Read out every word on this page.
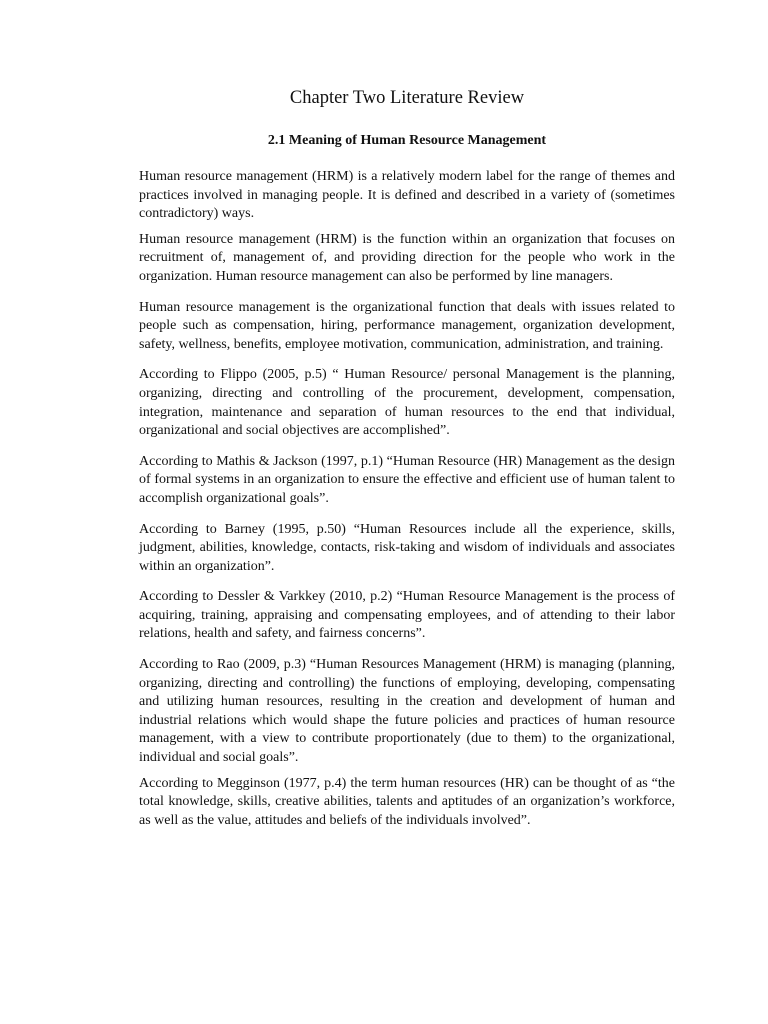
Chapter Two Literature Review
2.1 Meaning of Human Resource Management

Human resource management (HRM) is a relatively modern label for the range of themes and practices involved in managing people. It is defined and described in a variety of (sometimes contradictory) ways.

Human resource management (HRM) is the function within an organization that focuses on recruitment of, management of, and providing direction for the people who work in the organization. Human resource management can also be performed by line managers.

Human resource management is the organizational function that deals with issues related to people such as compensation, hiring, performance management, organization development, safety, wellness, benefits, employee motivation, communication, administration, and training.

According to Flippo (2005, p.5) “ Human Resource/ personal Management is the planning, organizing, directing and controlling of the procurement, development, compensation, integration, maintenance and separation of human resources to the end that individual, organizational and social objectives are accomplished”.

According to Mathis & Jackson (1997, p.1) “Human Resource (HR) Management as the design of formal systems in an organization to ensure the effective and efficient use of human talent to accomplish organizational goals”.

According to Barney (1995, p.50) “Human Resources include all the experience, skills, judgment, abilities, knowledge, contacts, risk-taking and wisdom of individuals and associates within an organization”.

According to Dessler & Varkkey (2010, p.2) “Human Resource Management is the process of acquiring, training, appraising and compensating employees, and of attending to their labor relations, health and safety, and fairness concerns”.

According to Rao (2009, p.3) “Human Resources Management (HRM) is managing (planning, organizing, directing and controlling) the functions of employing, developing, compensating and utilizing human resources, resulting in the creation and development of human and industrial relations which would shape the future policies and practices of human resource management, with a view to contribute proportionately (due to them) to the organizational, individual and social goals”.

According to Megginson (1977, p.4) the term human resources (HR) can be thought of as “the total knowledge, skills, creative abilities, talents and aptitudes of an organization’s workforce, as well as the value, attitudes and beliefs of the individuals involved”.
